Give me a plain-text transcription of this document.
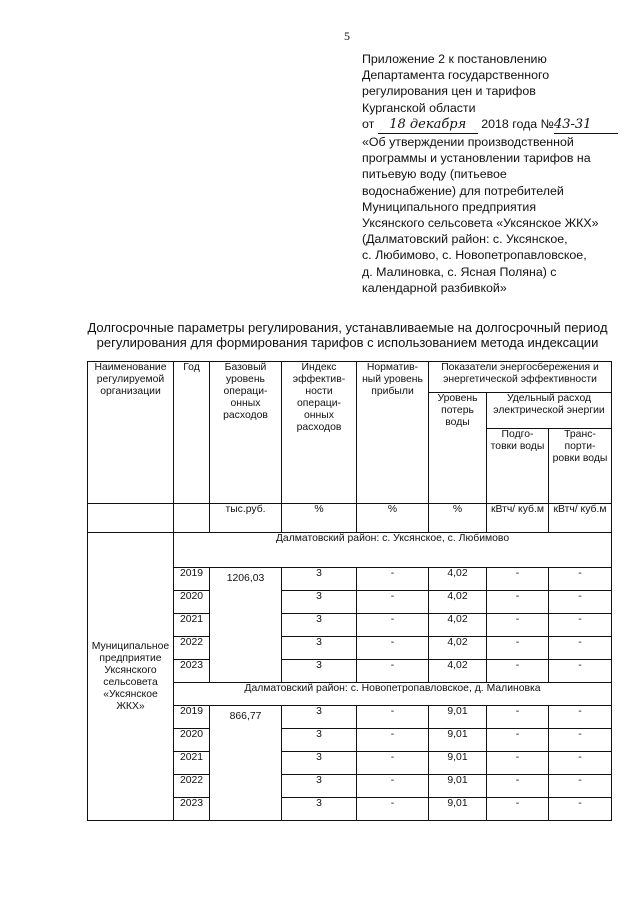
5
Приложение 2 к постановлению
Департамента государственного
регулирования цен и тарифов
Курганской области
от 18 декабря 2018 года №43-31
«Об утверждении производственной
программы и установлении тарифов на
питьевую воду (питьевое
водоснабжение) для потребителей
Муниципального предприятия
Уксянского сельсовета «Уксянское ЖКХ»
(Далматовский район: с. Уксянское,
с. Любимово, с. Новопетропавловское,
д. Малиновка, с. Ясная Поляна) с
календарной разбивкой»
Долгосрочные параметры регулирования, устанавливаемые на долгосрочный период регулирования для формирования тарифов с использованием метода индексации
Наименование регулируемой организации	Год	Базовый уровень операци-онных расходов	Индекс эффектив-ности операци-онных расходов	Норматив-ный уровень прибыли	Показатели энергосбережения и энергетической эффективности		
					Уровень потерь воды	Удельный расход электрической энергии	
						Подго-товки воды	Транс-порти-ровки воды
		тыс.руб.	%	%	%	кВтч/ куб.м	кВтч/ куб.м
Муниципальное предприятие Уксянского сельсовета «Уксянское ЖКХ»	Далматовский район: с. Уксянское, с. Любимово						
	2019	1206,03	3	-	4,02	-	-
	2020		3	-	4,02	-	-
	2021		3	-	4,02	-	-
	2022		3	-	4,02	-	-
	2023		3	-	4,02	-	-
	Далматовский район: с. Новопетропавловское, д. Малиновка						
	2019	866,77	3	-	9,01	-	-
	2020		3	-	9,01	-	-
	2021		3	-	9,01	-	-
	2022		3	-	9,01	-	-
	2023		3	-	9,01	-	-
